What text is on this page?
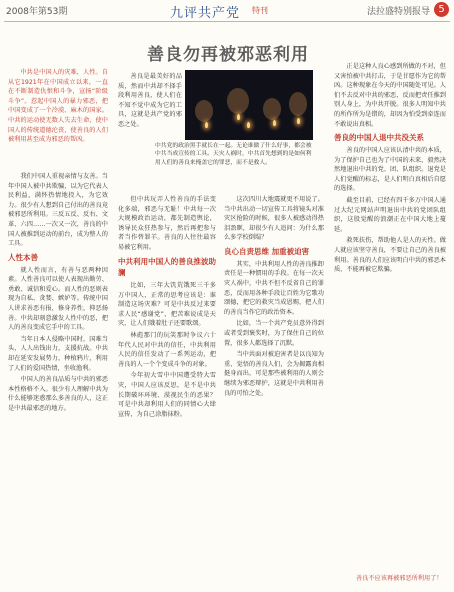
2008年第53期	九评共产党 特刊	法拉盛特别报导 5
善良勿再被邪恶利用

中共是中国人的灾难，人性。自从它1921年在中国成立以来，一直在不断制造仇恨和斗争，宣扬“阶级斗争”。惹起中国人的暴力邪恶，把中国变成了一个冷漠、麻木的国家。中共的运动使无数人失去生命，使中国人的传统道德沦丧，使善良的人们被利用甚至成为邪恶的帮凶。

我们中国人重视亲情与友善。当年中国人被中共欺骗，以为它代表人民利益，满怀热情地投入，为它效力。很少有人想到自己付出的善良竟被邪恶所利用。三反五反、反右、文革、六四……一次又一次，善良的中国人被推到运动的前台，成为整人的工具。

人性本善

就人性而言，有善与恶两种因素。人性善良可以使人表现出勤劳、勇敢、诚信和爱心。而人性的恶则表现为自私、贪婪、嫉妒等。传统中国人讲求善恶有报，修身养性，抑恶扬善。中共却刻意激发人性中的恶，把人的善良变成它手中的工具。

当年日本人侵略中国时，国难当头，人人出钱出力，支援抗战。中共却在延安发展势力，种植鸦片，利用了人们的爱国热情，坐收渔利。

中国人的善良品质与中共的邪恶本性格格不入。很少有人理解中共为什么能够迷惑那么多善良的人，这正是中共最邪恶的地方。

善良是最美好的品质，然而中共却不择手段利用善良，使人们在不知不觉中成为它的工具，这就是共产党的邪恶之处。

但中共玩弄人性善良的手法变化多端，邪恶与无耻！中共每一次大规模政治运动，都先制造舆论，诱导民众狂热参与，然后再把参与者当作替罪羊。善良的人往往最容易被它利用。

中共利用中国人的善良推波助澜

比如，三年大饥荒饿死三千多万中国人，正常的思考应该是：谁制造这场灾难？可是中共反过来要求人民“感谢党”，把苦难说成是天灾，让人们饿着肚子还要歌颂。

林彪那门的玩笑那时争议六十年代人民对中共的信任，中共利用人民的信任发动了一系列运动，把善良的人一个个变成斗争的对象。

今年初大雪中中国遭受特大雪灾，中国人应该反思，是不是中共长期破坏环境、漠视民生的恶果？可是中共却利用人们的同情心大肆宣传，为自己涂脂抹粉。

中共党的政治黑手就长在一起。无论谁做了什么好事，都会被中共当成宣传的工具。天灾人祸时，中共首先想到的是如何利用人们的善良来掩盖它的罪恶，而不是救人。

这次四川大地震就更不用说了。当中共出动一切宣传工具将镜头对准灾区抢险的时候，很多人被感动得热泪盈眶，却很少有人追问：为什么那么多学校倒塌？

良心自责思维 加重被迫害

其实，中共利用人性的善良推卸责任是一种惯用的手段。在每一次天灾人祸中，中共不但不反省自己的罪恶，反而用各种手段让百姓为它歌功颂德，把它的救灾当成恩赐，把人们的善良当作它的政治资本。

比如，当一个共产党员意外得到或者受到褒奖时，为了保住自己的位置，很多人都选择了沉默。

当中共面对被迫害者是以良知为重、觉悟的善良人们，会为揭露真相挺身而出，可是那些被利用的人则会继续为邪恶辩护，这就是中共利用善良的可怕之处。

正是这种人良心感到所做的不对，但又害怕被中共打击，于是甘愿作为它的帮凶。这种现象在今天的中国随处可见。人们不去反对中共的邪恶，反而把责任推到别人身上，为中共开脱。很多人明知中共的所作所为是错的，却因为怕受到牵连而不敢说出真相。

善良的中国人退中共没关系

善良的中国人应该认清中共的本质，为了保护自己也为了中国的未来，毅然决然地退出中共的党、团、队组织。退党是人们觉醒的标志，是人们明白真相后自愿的选择。

截至目前，已经有四千多万中国人通过大纪元网站声明退出中共的党团队组织，这股觉醒的浪潮正在中国大地上蔓延。

救死扶伤，帮助他人是人的天性。做人就应该坚守善良，不要让自己的善良被利用。善良的人们应该明白中共的邪恶本质，不能再被它欺骗。

善良不应该再被邪恶所利用了！
